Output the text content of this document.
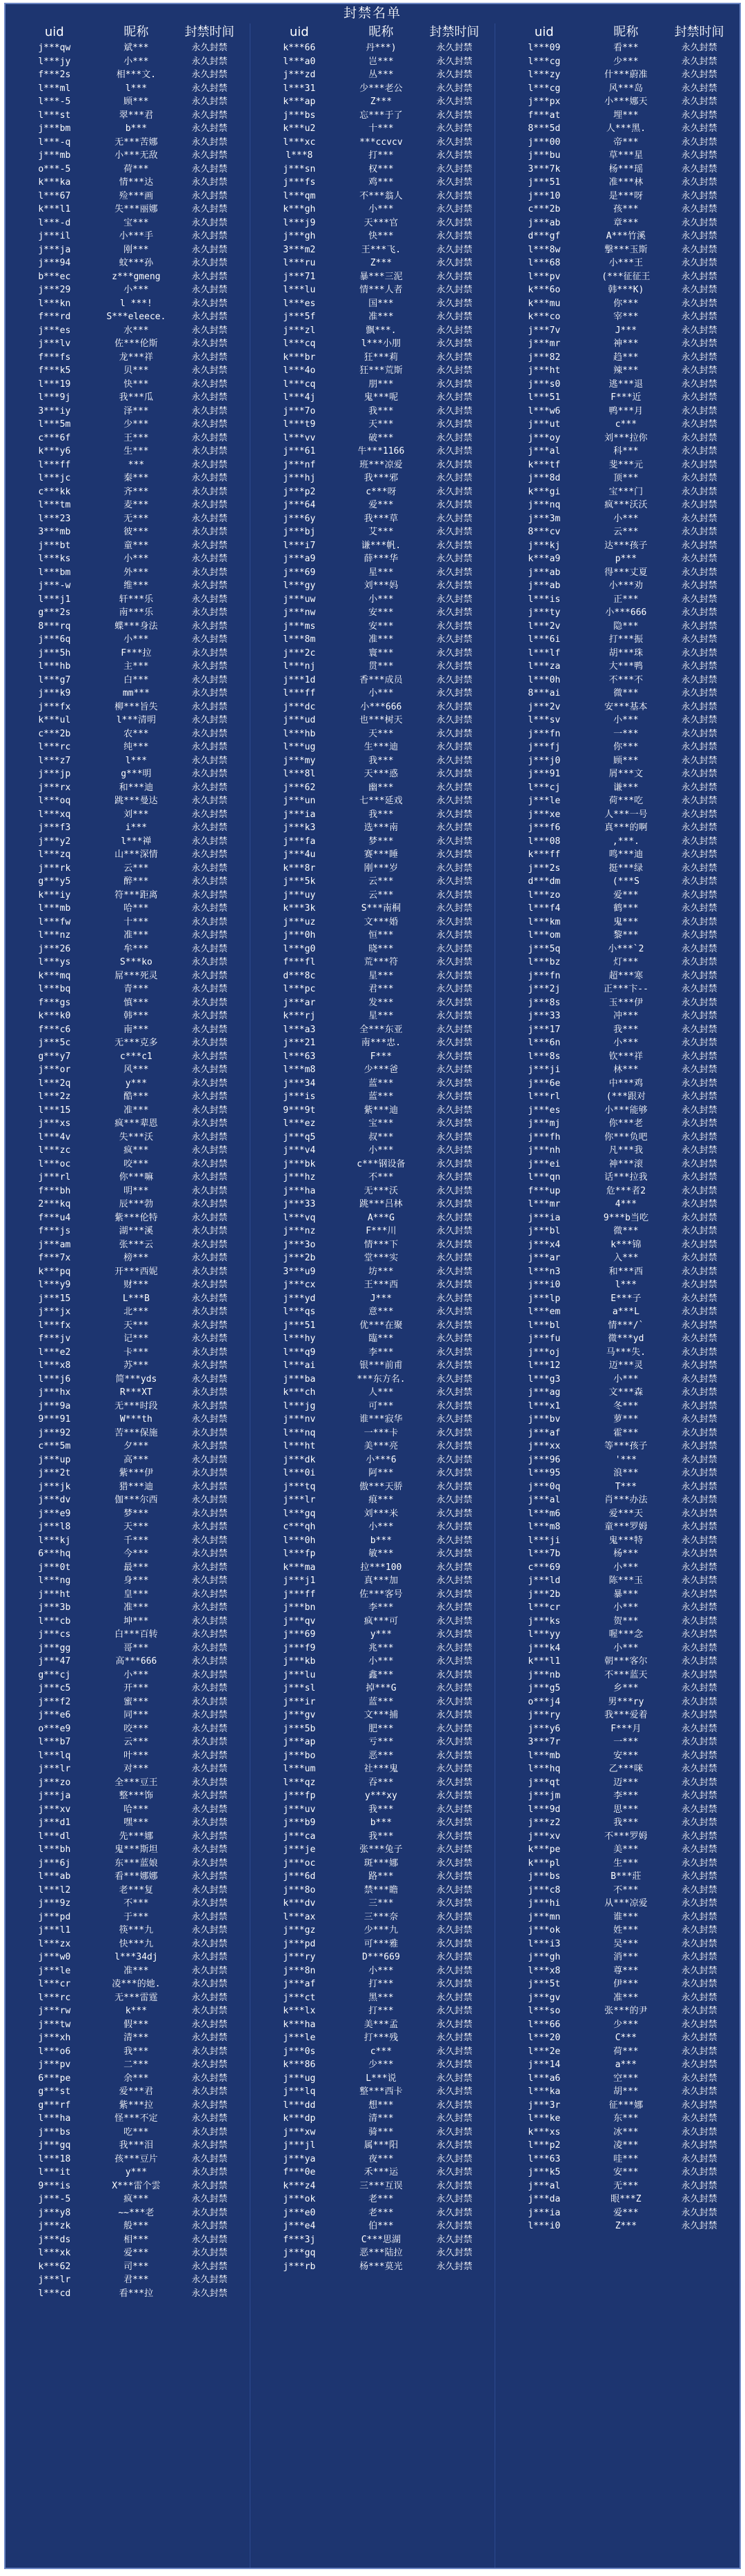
封禁名单
uid	昵称	封禁时间
j***qw	斌***	永久封禁
l***jy	小***	永久封禁
f***2s	相***文.	永久封禁
l***ml	l***	永久封禁
l***-5	顾***	永久封禁
l***st	翠***君	永久封禁
j***bm	b***	永久封禁
l***-q	无***苦娜	永久封禁
j***mb	小***无敌	永久封禁
o***-5	荷***	永久封禁
k***ka	情***达	永久封禁
l***67	殓***画	永久封禁
k***l1	失***丽娜	永久封禁
l***-d	宝***	永久封禁
j***il	小***手	永久封禁
j***ja	刚***	永久封禁
j***94	蚊***孙	永久封禁
b***ec	z***gmeng	永久封禁
j***29	小***	永久封禁
l***kn	l ***!	永久封禁
f***rd	S***eleece.	永久封禁
j***es	水***	永久封禁
j***lv	佐***伦斯	永久封禁
f***fs	龙***祥	永久封禁
f***k5	贝***	永久封禁
l***19	快***	永久封禁
l***9j	我***瓜	永久封禁
3***iy	泽***	永久封禁
l***5m	少***	永久封禁
c***6f	王***	永久封禁
k***y6	生***	永久封禁
l***ff	***	永久封禁
l***jc	秦***	永久封禁
c***kk	齐***	永久封禁
l***tm	麦***	永久封禁
l***23	无***	永久封禁
3***mb	彼***	永久封禁
j***bt	童***	永久封禁
l***ks	小***	永久封禁
l***bm	外***	永久封禁
j***-w	维***	永久封禁
l***j1	轩***乐	永久封禁
g***2s	南***乐	永久封禁
8***rq	蝶***身法	永久封禁
j***6q	小***	永久封禁
j***5h	F***拉	永久封禁
l***hb	主***	永久封禁
l***g7	白***	永久封禁
j***k9	mm***	永久封禁
j***fx	柳***旨失	永久封禁
k***ul	l***清明	永久封禁
c***2b	农***	永久封禁
l***rc	纯***	永久封禁
l***z7	l***	永久封禁
j***jp	g***明	永久封禁
j***rx	和***迪	永久封禁
l***oq	跳***曼达	永久封禁
l***xq	刘***	永久封禁
j***f3	i***	永久封禁
j***y2	l***禅	永久封禁
l***zq	山***深情	永久封禁
j***rk	云***	永久封禁
g***y5	醉***	永久封禁
k***iy	符***距离	永久封禁
l***mb	哈***	永久封禁
l***fw	十***	永久封禁
l***nz	准***	永久封禁
j***26	牟***	永久封禁
l***ys	S***ko	永久封禁
k***mq	屌***死灵	永久封禁
l***bq	青***	永久封禁
f***gs	慎***	永久封禁
k***k0	韩***	永久封禁
f***c6	南***	永久封禁
j***5c	无***克多	永久封禁
g***y7	c***c1	永久封禁
j***or	风***	永久封禁
l***2q	y***	永久封禁
l***2z	酷***	永久封禁
l***15	准***	永久封禁
j***xs	疯***辈恩	永久封禁
l***4v	失***沃	永久封禁
l***zc	疯***	永久封禁
l***oc	咬***	永久封禁
j***rl	你***嘛	永久封禁
f***bh	明***	永久封禁
2***kq	辰***勃	永久封禁
f***u4	紫***伦特	永久封禁
f***js	湖***溪	永久封禁
j***am	张***云	永久封禁
f***7x	榜***	永久封禁
k***pq	开***西妮	永久封禁
l***y9	财***	永久封禁
j***15	L***B	永久封禁
j***jx	北***	永久封禁
l***fx	天***	永久封禁
f***jv	记***	永久封禁
l***e2	卡***	永久封禁
l***x8	苏***	永久封禁
l***j6	简***yds	永久封禁
j***hx	R***XT	永久封禁
j***9a	无***时段	永久封禁
9***91	W***th	永久封禁
j***92	苦***保施	永久封禁
c***5m	夕***	永久封禁
j***up	高***	永久封禁
j***2t	紫***伊	永久封禁
j***jk	猎***迪	永久封禁
j***dv	伽***尔西	永久封禁
j***e9	梦***	永久封禁
j***l8	天***	永久封禁
l***kj	千***	永久封禁
6***hq	今***	永久封禁
j***0t	最***	永久封禁
l***ng	身***	永久封禁
j***ht	皇***	永久封禁
j***3b	准***	永久封禁
l***cb	坤***	永久封禁
j***cs	白***百转	永久封禁
j***gg	哥***	永久封禁
j***47	高***666	永久封禁
g***cj	小***	永久封禁
j***c5	开***	永久封禁
j***f2	蜜***	永久封禁
j***e6	同***	永久封禁
o***e9	咬***	永久封禁
l***b7	云***	永久封禁
l***lq	叶***	永久封禁
j***lr	对***	永久封禁
j***zo	全***豆王	永久封禁
j***ja	整***饰	永久封禁
j***xv	哈***	永久封禁
j***d1	嘿***	永久封禁
l***dl	先***娜	永久封禁
l***bh	鬼***斯坦	永久封禁
j***6j	东***蓝娘	永久封禁
l***ab	看***娜娜	永久封禁
l***l2	老***复	永久封禁
j***9z	不***	永久封禁
j***pd	于***	永久封禁
j***l1	筷***九	永久封禁
l***zx	快***九	永久封禁
j***w0	l***34dj	永久封禁
j***le	准***	永久封禁
l***cr	凌***的她.	永久封禁
l***rc	无***雷霆	永久封禁
j***rw	k***	永久封禁
j***tw	假***	永久封禁
j***xh	清***	永久封禁
l***o6	我***	永久封禁
j***pv	二***	永久封禁
6***pe	余***	永久封禁
g***st	爱***君	永久封禁
g***rf	紫***拉	永久封禁
l***ha	怪***不定	永久封禁
j***bs	吃***	永久封禁
j***gq	我***泪	永久封禁
l***18	孩***豆片	永久封禁
l***it	y***	永久封禁
9***is	X***雷个雲	永久封禁
j***-5	疯***	永久封禁
j***y8	~~***老	永久封禁
j***zk	般***	永久封禁
j***ds	相***	永久封禁
l***xk	爱***	永久封禁
k***62	司***	永久封禁
j***lr	君***	永久封禁
l***cd	看***拉	永久封禁
uid	昵称	封禁时间
k***66	丹***)	永久封禁
l***a0	岂***	永久封禁
j***zd	丛***	永久封禁
l***31	少***老公	永久封禁
k***ap	Z***	永久封禁
j***bs	忘***于了	永久封禁
k***u2	十***	永久封禁
l***xc	***ccvcv	永久封禁
l***8	打***	永久封禁
j***sn	权***	永久封禁
j***fs	鸡***	永久封禁
l***qm	不***翁人	永久封禁
k***gh	小***	永久封禁
l***j9	天***官	永久封禁
j***gh	快***	永久封禁
3***m2	王***飞.	永久封禁
l***ru	Z***	永久封禁
j***71	暴***三泥	永久封禁
l***lu	情***人者	永久封禁
l***es	国***	永久封禁
j***5f	准***	永久封禁
j***zl	飘***.	永久封禁
l***cq	l***小朋	永久封禁
k***br	狂***莉	永久封禁
l***4o	狂***荒斯	永久封禁
l***cq	朋***	永久封禁
l***4j	鬼***呢	永久封禁
j***7o	我***	永久封禁
l***t9	天***	永久封禁
l***vv	破***	永久封禁
j***61	牛***1166	永久封禁
j***nf	班***凉爱	永久封禁
j***hj	我***邪	永久封禁
j***p2	c***呀	永久封禁
j***64	爱***	永久封禁
j***6y	我***草	永久封禁
j***bj	艾***	永久封禁
l***i7	谦***帆.	永久封禁
j***a9	薛***华	永久封禁
j***69	星***	永久封禁
l***gy	刘***妈	永久封禁
j***uw	小***	永久封禁
j***nw	安***	永久封禁
j***ms	安***	永久封禁
l***8m	准***	永久封禁
j***2c	寰***	永久封禁
l***nj	贯***	永久封禁
j***1d	香***成员	永久封禁
l***ff	小***	永久封禁
j***dc	小***666	永久封禁
j***ud	也***树天	永久封禁
l***hb	天***	永久封禁
l***ug	生***迪	永久封禁
j***my	我***	永久封禁
l***8l	天***惑	永久封禁
j***62	幽***	永久封禁
j***un	七***延戏	永久封禁
j***ia	我***	永久封禁
j***k3	选***南	永久封禁
j***fa	梦***	永久封禁
j***4u	赛***睡	永久封禁
k***8r	刚***岁	永久封禁
j***5k	云***	永久封禁
j***uy	云***	永久封禁
k***3k	S***南桐	永久封禁
j***uz	文***婚	永久封禁
j***0h	恒***	永久封禁
l***g0	晓***	永久封禁
f***fl	荒***符	永久封禁
d***8c	星***	永久封禁
l***pc	君***	永久封禁
j***ar	发***	永久封禁
k***rj	星***	永久封禁
l***a3	全***东亚	永久封禁
j***21	南***忠.	永久封禁
l***63	F***	永久封禁
l***m8	少***爸	永久封禁
j***34	蓝***	永久封禁
j***is	蓝***	永久封禁
9***9t	紫***迪	永久封禁
l***ez	宝***	永久封禁
j***q5	叔***	永久封禁
j***v4	小***	永久封禁
j***bk	c***钢设备	永久封禁
j***hz	不***	永久封禁
j***ha	无***沃	永久封禁
j***33	跳***吕林	永久封禁
l***vq	A***G	永久封禁
j***nz	F***川	永久封禁
j***3o	情***下	永久封禁
j***2b	堂***实	永久封禁
3***u9	坊***	永久封禁
j***cx	王***西	永久封禁
j***yd	J***	永久封禁
l***qs	意***	永久封禁
j***51	优***在聚	永久封禁
l***hy	臨***	永久封禁
l***q9	李***	永久封禁
l***ai	银***前甫	永久封禁
j***ba	***东方名.	永久封禁
k***ch	人***	永久封禁
l***jg	可***	永久封禁
j***nv	谁***寂华	永久封禁
l***nq	一***卡	永久封禁
l***ht	美***亮	永久封禁
j***dk	小***6	永久封禁
l***0i	阿***	永久封禁
j***tq	傲***天骄	永久封禁
j***lr	痕***	永久封禁
l***gq	刘***米	永久封禁
c***qh	小***	永久封禁
l***0h	b***	永久封禁
l***fp	敏***	永久封禁
k***ma	拉***100	永久封禁
j***j1	真***加	永久封禁
j***ff	佐***客号	永久封禁
j***bn	李***	永久封禁
j***qv	疯***可	永久封禁
j***69	y***	永久封禁
j***f9	兆***	永久封禁
j***kb	小***	永久封禁
j***lu	鑫***	永久封禁
j***sl	掉***G	永久封禁
j***ir	蓝***	永久封禁
j***gv	文***捕	永久封禁
j***5b	肥***	永久封禁
j***ap	亏***	永久封禁
j***bo	恶***	永久封禁
l***um	社***鬼	永久封禁
l***qz	吞***	永久封禁
j***fp	y***xy	永久封禁
j***uv	我***	永久封禁
j***b9	b***	永久封禁
j***ca	我***	永久封禁
j***je	张***兔子	永久封禁
j***oc	斑***娜	永久封禁
j***6d	路***	永久封禁
j***8o	禁***瞻	永久封禁
k***dv	三***	永久封禁
l***ax	三***奈	永久封禁
j***gz	少***九	永久封禁
j***pd	可***雅	永久封禁
j***ry	D***669	永久封禁
j***8n	小***	永久封禁
j***af	打***	永久封禁
j***ct	黑***	永久封禁
k***lx	打***	永久封禁
k***ha	美***孟	永久封禁
j***le	打***残	永久封禁
j***0s	c***	永久封禁
k***86	少***	永久封禁
j***ug	L***说	永久封禁
j***lq	整***西卡	永久封禁
l***dd	想***	永久封禁
k***dp	清***	永久封禁
j***xw	骑***	永久封禁
j***jl	属***阳	永久封禁
j***ya	夜***	永久封禁
f***0e	禾***运	永久封禁
k***z4	三***互误	永久封禁
j***ok	老***	永久封禁
j***e0	老***	永久封禁
j***e4	伯***	永久封禁
f***3j	C***思湖	永久封禁
j***gq	恶***陆拉	永久封禁
j***rb	杨***莫光	永久封禁
uid	昵称	封禁时间
l***09	看***	永久封禁
l***cg	少***	永久封禁
l***zy	什***蔚准	永久封禁
l***cg	风***岛	永久封禁
j***px	小***娜天	永久封禁
f***at	埋***	永久封禁
8***5d	人***黑.	永久封禁
j***00	帝***	永久封禁
j***bu	草***星	永久封禁
3***7k	杨***瑶	永久封禁
j***51	准***林	永久封禁
j***10	是***呀	永久封禁
c***2b	孩***	永久封禁
j***ab	章***	永久封禁
d***gf	A***竹溪	永久封禁
l***8w	撃***玉斯	永久封禁
l***68	小***王	永久封禁
l***pv	(***征征王	永久封禁
k***6o	韩***K)	永久封禁
k***mu	你***	永久封禁
k***co	宰***	永久封禁
j***7v	J***	永久封禁
j***mr	神***	永久封禁
j***82	趋***	永久封禁
j***ht	辣***	永久封禁
j***s0	逃***退	永久封禁
l***51	F***近	永久封禁
l***w6	鸭***月	永久封禁
j***ut	c***	永久封禁
j***oy	刘***拉你	永久封禁
j***al	科***	永久封禁
k***tf	斐***元	永久封禁
j***8d	顶***	永久封禁
k***gi	宝***门	永久封禁
j***nq	疯***沃沃	永久封禁
j***3m	小***	永久封禁
8***cv	云***	永久封禁
j***kj	达***孩子	永久封禁
k***a9	p***	永久封禁
j***ab	得***丈夏	永久封禁
j***ab	小***劝	永久封禁
l***is	正***	永久封禁
j***ty	小***666	永久封禁
l***2v	隐***	永久封禁
l***6i	打***振	永久封禁
l***lf	胡***珠	永久封禁
l***za	大***鸭	永久封禁
l***0h	不***不	永久封禁
8***ai	微***	永久封禁
j***2v	安***基本	永久封禁
l***sv	小***	永久封禁
j***fn	一***	永久封禁
j***fj	你***	永久封禁
j***j0	顾***	永久封禁
j***91	屑***文	永久封禁
l***cj	谦***	永久封禁
j***le	荷***吃	永久封禁
j***xe	人***一号	永久封禁
j***f6	真***的啊	永久封禁
l***08	,***.	永久封禁
k***ff	鸣***迪	永久封禁
j***2s	挺***绿	永久封禁
d***dm	(***S	永久封禁
l***zo	爱***	永久封禁
l***f4	鹤***	永久封禁
l***km	鬼***	永久封禁
l***om	黎***	永久封禁
j***5q	小***`2	永久封禁
l***bz	灯***	永久封禁
j***fn	超***寒	永久封禁
j***2j	正***卞--	永久封禁
j***8s	玉***伊	永久封禁
j***33	冲***	永久封禁
j***17	我***	永久封禁
l***6n	小***	永久封禁
l***8s	钦***祥	永久封禁
j***ji	林***	永久封禁
j***6e	中***鸡	永久封禁
l***rl	(***跟对	永久封禁
j***es	小***能够	永久封禁
j***mj	你***老	永久封禁
j***fh	你***负吧	永久封禁
j***nh	凡***我	永久封禁
j***ei	神***滚	永久封禁
l***qn	话***拉我	永久封禁
f***up	危***者2	永久封禁
l***mr	4***	永久封禁
j***ia	9***b当吃	永久封禁
j***bl	微***	永久封禁
j***x4	k***锦	永久封禁
j***ar	入***	永久封禁
l***n3	和***西	永久封禁
j***i0	l***	永久封禁
j***lp	E***子	永久封禁
l***em	a***L	永久封禁
l***bl	情***/`	永久封禁
j***fu	微***yd	永久封禁
j***oj	马***失.	永久封禁
l***12	迈***灵	永久封禁
l***g3	小***	永久封禁
j***ag	文***森	永久封禁
l***x1	冬***	永久封禁
j***bv	萝***	永久封禁
j***af	霍***	永久封禁
j***xx	等***孩子	永久封禁
j***96	'***	永久封禁
l***95	浪***	永久封禁
j***0q	T***	永久封禁
j***al	肖***办法	永久封禁
l***m6	爱***天	永久封禁
l***m8	童***罗姆	永久封禁
l***ji	鬼***特	永久封禁
l***7b	杨***	永久封禁
c***69	小***	永久封禁
j***ld	陈***玉	永久封禁
j***2b	暴***	永久封禁
l***cr	小***	永久封禁
j***ks	贺***	永久封禁
l***yy	喔***念	永久封禁
j***k4	小***	永久封禁
k***l1	朝***客尔	永久封禁
j***nb	不***蓝天	永久封禁
j***g5	乡***	永久封禁
o***j4	男***ry	永久封禁
j***ry	我***爱着	永久封禁
j***y6	F***月	永久封禁
3***7r	一***	永久封禁
l***mb	安***	永久封禁
l***hq	乙***咪	永久封禁
j***qt	迈***	永久封禁
j***jm	李***	永久封禁
l***9d	思***	永久封禁
j***z2	我***	永久封禁
j***xv	不***罗姆	永久封禁
k***pe	美***	永久封禁
k***pl	生***	永久封禁
j***bs	B***莊	永久封禁
j***c8	不***	永久封禁
j***hi	从***凉爱	永久封禁
j***mn	谁***	永久封禁
j***ok	姓***	永久封禁
l***i3	吴***	永久封禁
j***gh	消***	永久封禁
l***x8	尊***	永久封禁
j***5t	伊***	永久封禁
j***gv	准***	永久封禁
l***so	张***的尹	永久封禁
l***66	少***	永久封禁
l***20	C***	永久封禁
l***2e	荷***	永久封禁
j***14	a***	永久封禁
l***a6	空***	永久封禁
l***ka	胡***	永久封禁
j***3r	征***娜	永久封禁
l***ke	东***	永久封禁
k***xs	冰***	永久封禁
l***p2	凌***	永久封禁
l***63	哇***	永久封禁
j***k5	安***	永久封禁
j***al	无***	永久封禁
j***da	眼***Z	永久封禁
j***ia	爱***	永久封禁
l***i0	Z***	永久封禁
